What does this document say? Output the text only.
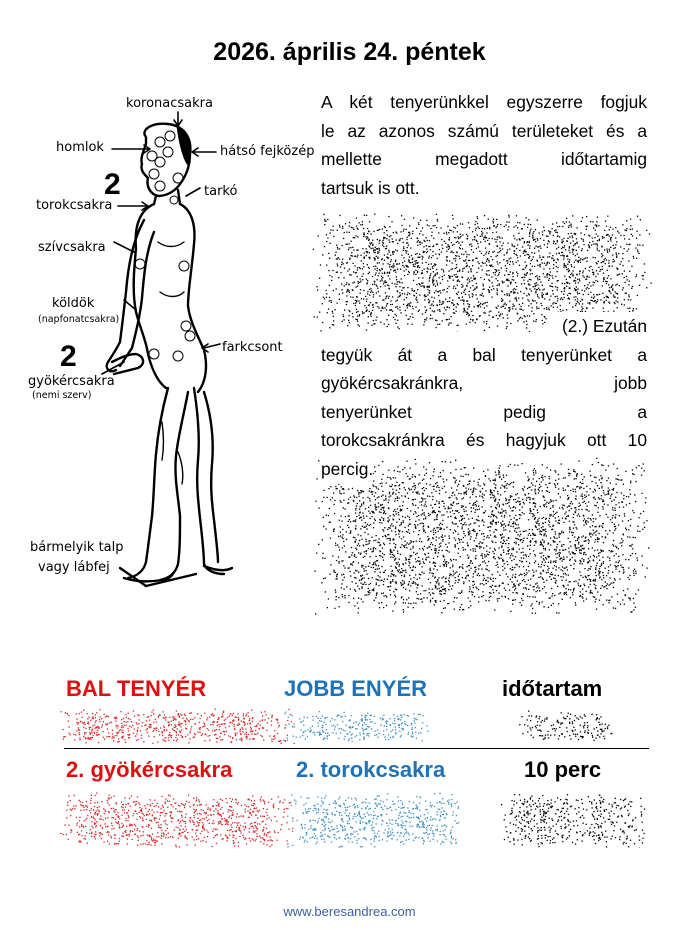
2026. április 24. péntek
koronacsakra
homlok	hátsó fejközép
tarkó
2
torokcsakra
szívcsakra
köldök
(napfonatcsakra)
farkcsont
2
gyökércsakra
(nemi szerv)
bármelyik talp
vagy lábfej
A két tenyerünkkel egyszerre fogjuk
le az azonos számú területeket és a
mellette megadott időtartamig
tartsuk is ott.
(2.) Ezután
tegyük át a bal tenyerünket a
gyökércsakránkra, jobb
tenyerünket pedig a
torokcsakránkra és hagyjuk ott 10
percig.
BAL TENYÉR	JOBB ENYÉR	időtartam
2. gyökércsakra	2. torokcsakra	10 perc
www.beresandrea.com
